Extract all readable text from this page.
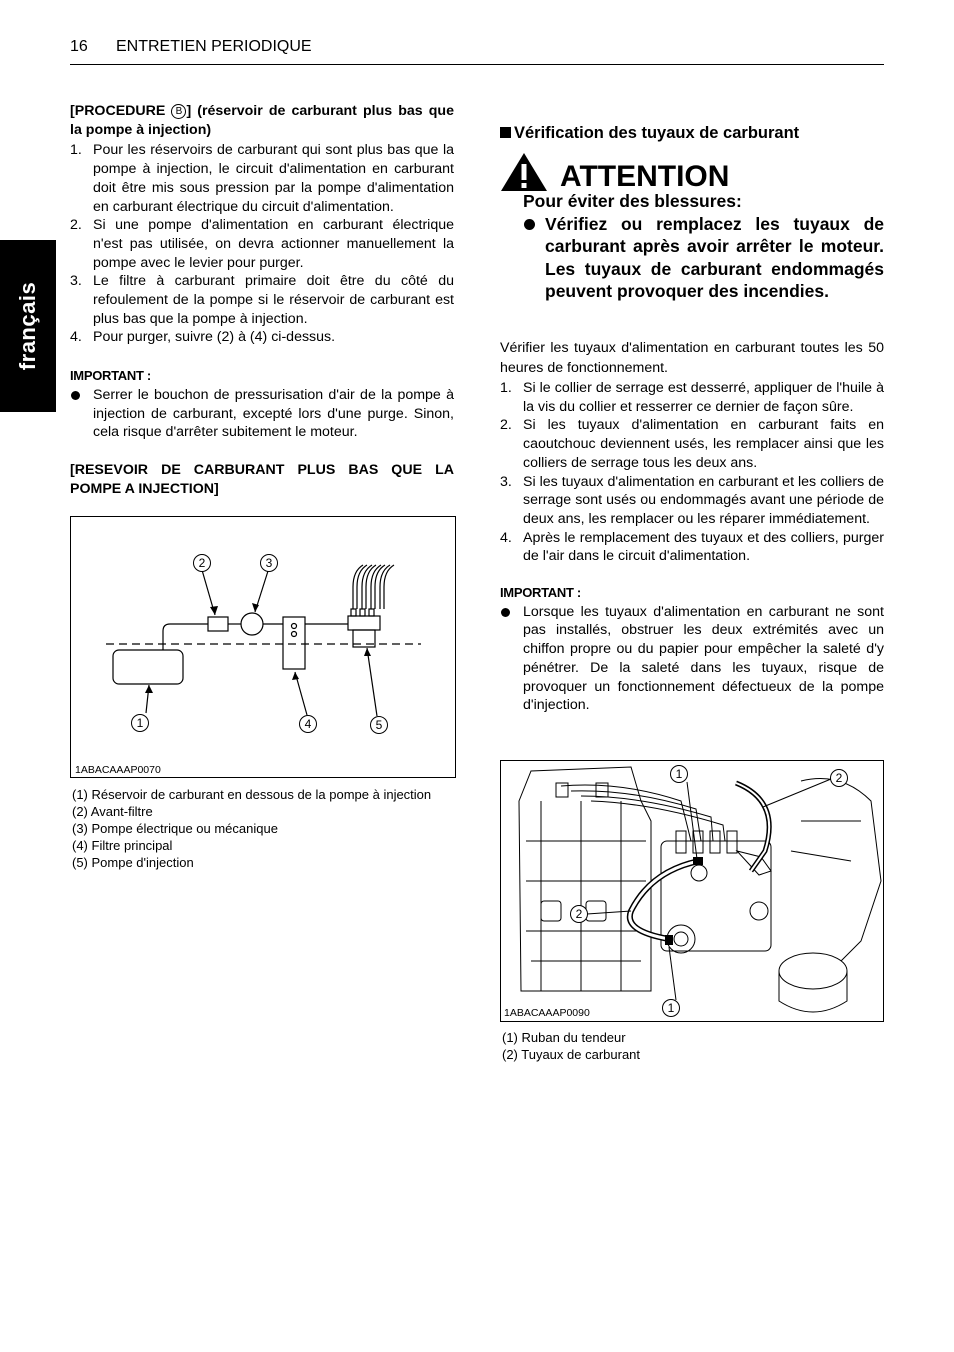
16 ENTRETIEN PERIODIQUE
français
[PROCEDURE B ] (réservoir de carburant plus bas que la pompe à injection)
1. Pour les réservoirs de carburant qui sont plus bas que la pompe à injection, le circuit d'alimentation en carburant doit être mis sous pression par la pompe d'alimentation en carburant électrique du circuit d'alimentation.
2. Si une pompe d'alimentation en carburant électrique n'est pas utilisée, on devra actionner manuellement la pompe avec le levier pour purger.
3. Le filtre à carburant primaire doit être du côté du refoulement de la pompe si le réservoir de carburant est plus bas que la pompe à injection.
4. Pour purger, suivre (2) à (4) ci-dessus.
IMPORTANT :
Serrer le bouchon de pressurisation d'air de la pompe à injection de carburant, excepté lors d'une purge. Sinon, cela risque d'arrêter subitement le moteur.
[RESEVOIR DE CARBURANT PLUS BAS QUE LA POMPE A INJECTION]
2	3
1	4	5
1ABACAAAP0070
(1) Réservoir de carburant en dessous de la pompe à injection
(2) Avant-filtre
(3) Pompe électrique ou mécanique
(4) Filtre principal
(5) Pompe d'injection
Vérification des tuyaux de carburant
ATTENTION
Pour éviter des blessures:
Vérifiez ou remplacez les tuyaux de carburant après avoir arrêter le moteur. Les tuyaux de carburant endommagés peuvent provoquer des incendies.
Vérifier les tuyaux d'alimentation en carburant toutes les 50 heures de fonctionnement.
1. Si le collier de serrage est desserré, appliquer de l'huile à la vis du collier et resserrer ce dernier de façon sûre.
2. Si les tuyaux d'alimentation en carburant faits en caoutchouc deviennent usés, les remplacer ainsi que les colliers de serrage tous les deux ans.
3. Si les tuyaux d'alimentation en carburant et les colliers de serrage sont usés ou endommagés avant une période de deux ans, les remplacer ou les réparer immédiatement.
4. Après le remplacement des tuyaux et des colliers, purger de l'air dans le circuit d'alimentation.
IMPORTANT :
Lorsque les tuyaux d'alimentation en carburant ne sont pas installés, obstruer les deux extrémités avec un chiffon propre ou du papier pour empêcher la saleté d'y pénétrer. De la saleté dans les tuyaux, risque de provoquer un fonctionnement défectueux de la pompe d'injection.
1	2
2
1
1ABACAAAP0090
(1) Ruban du tendeur
(2) Tuyaux de carburant
